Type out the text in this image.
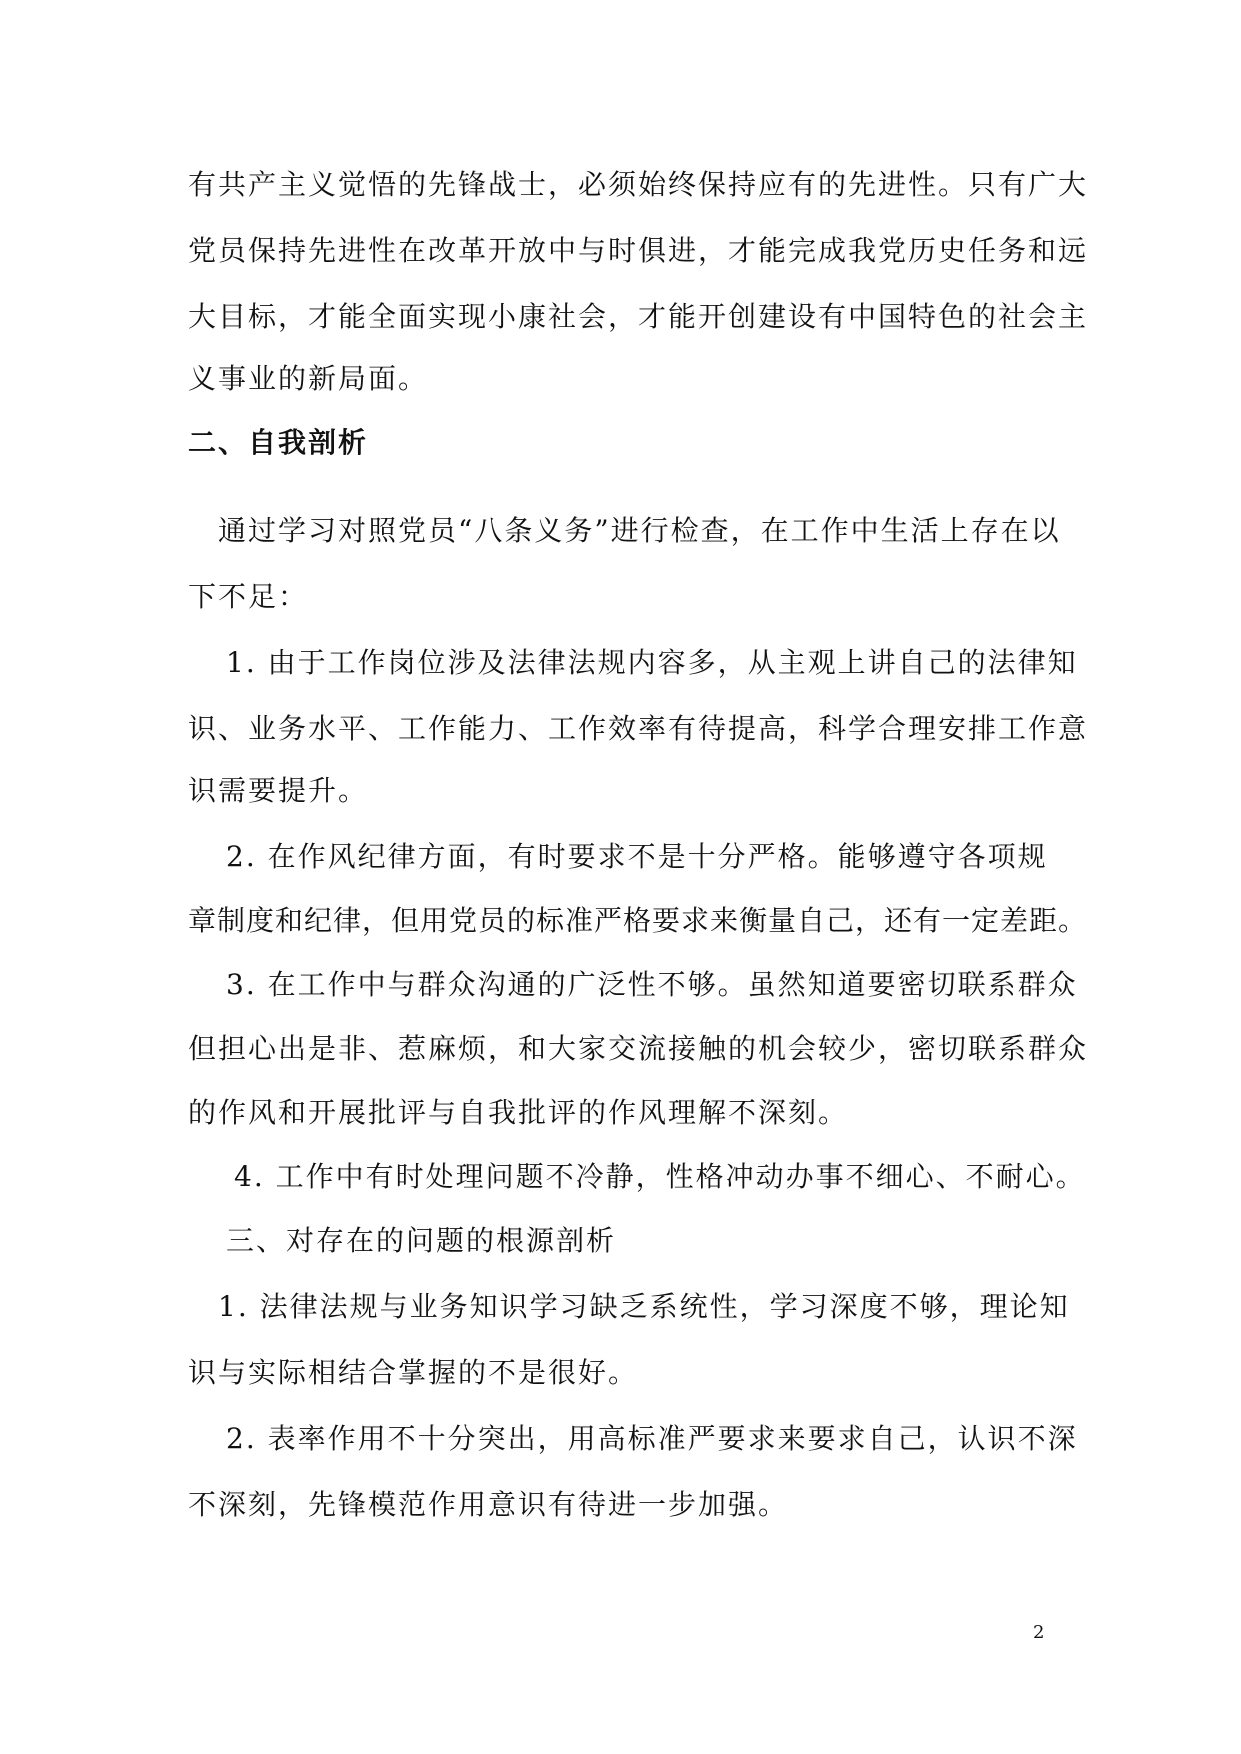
有共产主义觉悟的先锋战士，必须始终保持应有的先进性。只有广大
党员保持先进性在改革开放中与时俱进，才能完成我党历史任务和远
大目标，才能全面实现小康社会，才能开创建设有中国特色的社会主
义事业的新局面。
二、自我剖析
通过学习对照党员“八条义务”进行检查，在工作中生活上存在以
下不足：
1. 由于工作岗位涉及法律法规内容多，从主观上讲自己的法律知
识、业务水平、工作能力、工作效率有待提高，科学合理安排工作意
识需要提升。
2. 在作风纪律方面，有时要求不是十分严格。能够遵守各项规
章制度和纪律，但用党员的标准严格要求来衡量自己，还有一定差距。
3. 在工作中与群众沟通的广泛性不够。虽然知道要密切联系群众
但担心出是非、惹麻烦，和大家交流接触的机会较少，密切联系群众
的作风和开展批评与自我批评的作风理解不深刻。
4. 工作中有时处理问题不冷静，性格冲动办事不细心、不耐心。
三、对存在的问题的根源剖析
1. 法律法规与业务知识学习缺乏系统性，学习深度不够，理论知
识与实际相结合掌握的不是很好。
2. 表率作用不十分突出，用高标准严要求来要求自己，认识不深
不深刻，先锋模范作用意识有待进一步加强。
2
